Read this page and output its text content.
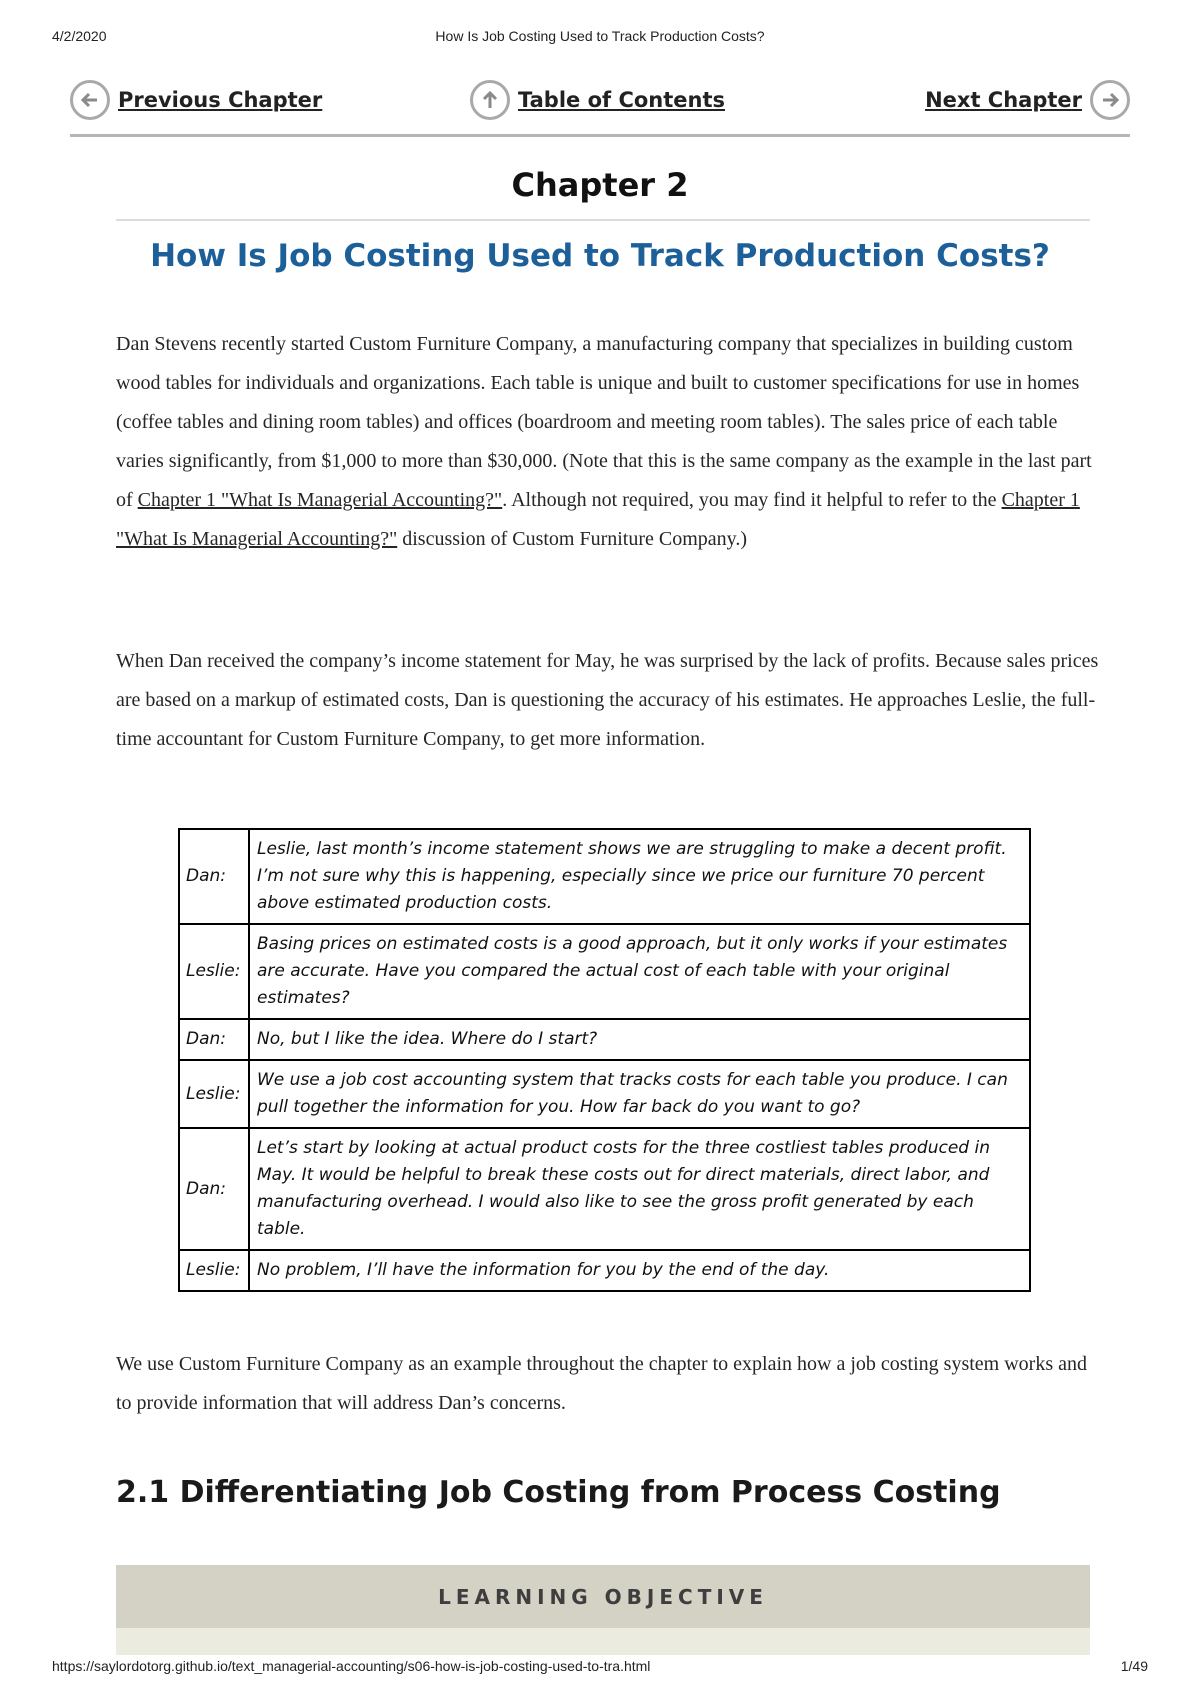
4/2/2020	How Is Job Costing Used to Track Production Costs?
Previous Chapter	Table of Contents	Next Chapter
Chapter 2
How Is Job Costing Used to Track Production Costs?

Dan Stevens recently started Custom Furniture Company, a manufacturing company that specializes in building custom wood tables for individuals and organizations. Each table is unique and built to customer specifications for use in homes (coffee tables and dining room tables) and offices (boardroom and meeting room tables). The sales price of each table varies significantly, from $1,000 to more than $30,000. (Note that this is the same company as the example in the last part of Chapter 1 "What Is Managerial Accounting?". Although not required, you may find it helpful to refer to the Chapter 1 "What Is Managerial Accounting?" discussion of Custom Furniture Company.)

When Dan received the company’s income statement for May, he was surprised by the lack of profits. Because sales prices are based on a markup of estimated costs, Dan is questioning the accuracy of his estimates. He approaches Leslie, the full-time accountant for Custom Furniture Company, to get more information.

Dan:	Leslie, last month’s income statement shows we are struggling to make a decent profit. I’m not sure why this is happening, especially since we price our furniture 70 percent above estimated production costs.
Leslie:	Basing prices on estimated costs is a good approach, but it only works if your estimates are accurate. Have you compared the actual cost of each table with your original estimates?
Dan:	No, but I like the idea. Where do I start?
Leslie:	We use a job cost accounting system that tracks costs for each table you produce. I can pull together the information for you. How far back do you want to go?
Dan:	Let’s start by looking at actual product costs for the three costliest tables produced in May. It would be helpful to break these costs out for direct materials, direct labor, and manufacturing overhead. I would also like to see the gross profit generated by each table.
Leslie:	No problem, I’ll have the information for you by the end of the day.

We use Custom Furniture Company as an example throughout the chapter to explain how a job costing system works and to provide information that will address Dan’s concerns.

2.1 Differentiating Job Costing from Process Costing
LEARNING OBJECTIVE
https://saylordotorg.github.io/text_managerial-accounting/s06-how-is-job-costing-used-to-tra.html	1/49
